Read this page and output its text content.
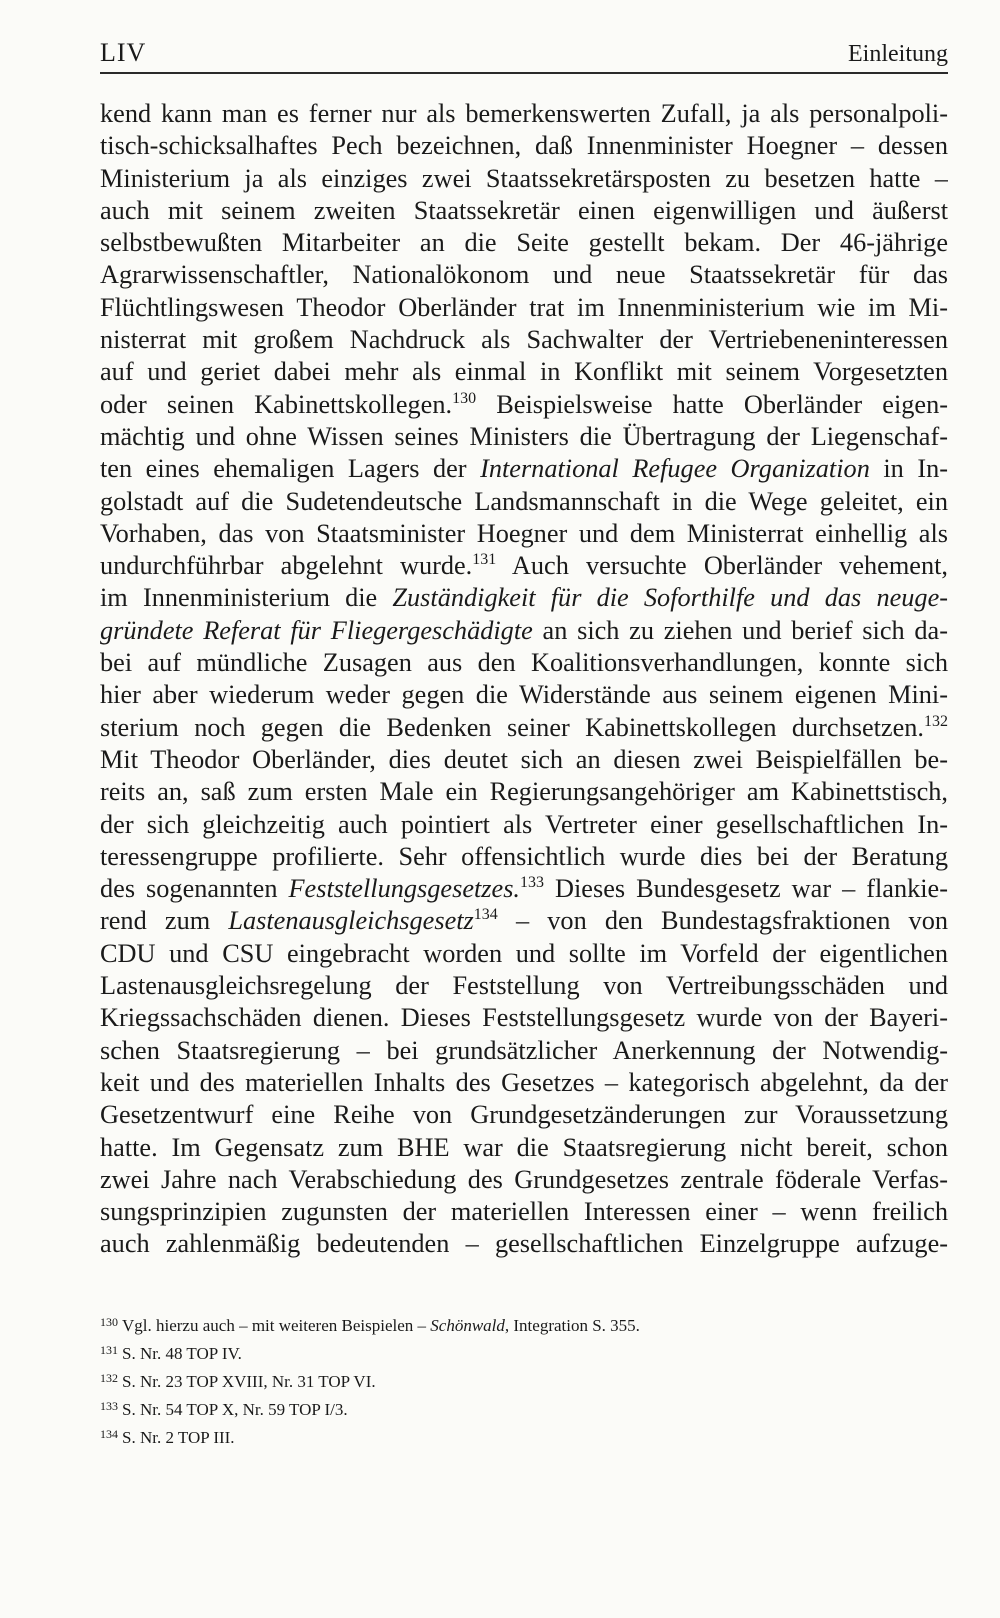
LIV	Einleitung
kend kann man es ferner nur als bemerkenswerten Zufall, ja als personalpoli-
tisch-schicksalhaftes Pech bezeichnen, daß Innenminister Hoegner – dessen
Ministerium ja als einziges zwei Staatssekretärsposten zu besetzen hatte –
auch mit seinem zweiten Staatssekretär einen eigenwilligen und äußerst
selbstbewußten Mitarbeiter an die Seite gestellt bekam. Der 46-jährige
Agrarwissenschaftler, Nationalökonom und neue Staatssekretär für das
Flüchtlingswesen Theodor Oberländer trat im Innenministerium wie im Mi-
nisterrat mit großem Nachdruck als Sachwalter der Vertriebeneninteressen
auf und geriet dabei mehr als einmal in Konflikt mit seinem Vorgesetzten
oder seinen Kabinettskollegen.$^{130}$ Beispielsweise hatte Oberländer eigen-
mächtig und ohne Wissen seines Ministers die Übertragung der Liegenschaf-
ten eines ehemaligen Lagers der International Refugee Organization in In-
golstadt auf die Sudetendeutsche Landsmannschaft in die Wege geleitet, ein
Vorhaben, das von Staatsminister Hoegner und dem Ministerrat einhellig als
undurchführbar abgelehnt wurde.$^{131}$ Auch versuchte Oberländer vehement,
im Innenministerium die Zuständigkeit für die Soforthilfe und das neuge-
gründete Referat für Fliegergeschädigte an sich zu ziehen und berief sich da-
bei auf mündliche Zusagen aus den Koalitionsverhandlungen, konnte sich
hier aber wiederum weder gegen die Widerstände aus seinem eigenen Mini-
sterium noch gegen die Bedenken seiner Kabinettskollegen durchsetzen.$^{132}$
Mit Theodor Oberländer, dies deutet sich an diesen zwei Beispielfällen be-
reits an, saß zum ersten Male ein Regierungsangehöriger am Kabinettstisch,
der sich gleichzeitig auch pointiert als Vertreter einer gesellschaftlichen In-
teressengruppe profilierte. Sehr offensichtlich wurde dies bei der Beratung
des sogenannten Feststellungsgesetzes.$^{133}$ Dieses Bundesgesetz war – flankie-
rend zum Lastenausgleichsgesetz$^{134}$ – von den Bundestagsfraktionen von
CDU und CSU eingebracht worden und sollte im Vorfeld der eigentlichen
Lastenausgleichsregelung der Feststellung von Vertreibungsschäden und
Kriegssachschäden dienen. Dieses Feststellungsgesetz wurde von der Bayeri-
schen Staatsregierung – bei grundsätzlicher Anerkennung der Notwendig-
keit und des materiellen Inhalts des Gesetzes – kategorisch abgelehnt, da der
Gesetzentwurf eine Reihe von Grundgesetzänderungen zur Voraussetzung
hatte. Im Gegensatz zum BHE war die Staatsregierung nicht bereit, schon
zwei Jahre nach Verabschiedung des Grundgesetzes zentrale föderale Verfas-
sungsprinzipien zugunsten der materiellen Interessen einer – wenn freilich
auch zahlenmäßig bedeutenden – gesellschaftlichen Einzelgruppe aufzuge-
$^{130}$ Vgl. hierzu auch – mit weiteren Beispielen – Schönwald, Integration S. 355.
$^{131}$ S. Nr. 48 TOP IV.
$^{132}$ S. Nr. 23 TOP XVIII, Nr. 31 TOP VI.
$^{133}$ S. Nr. 54 TOP X, Nr. 59 TOP I/3.
$^{134}$ S. Nr. 2 TOP III.
